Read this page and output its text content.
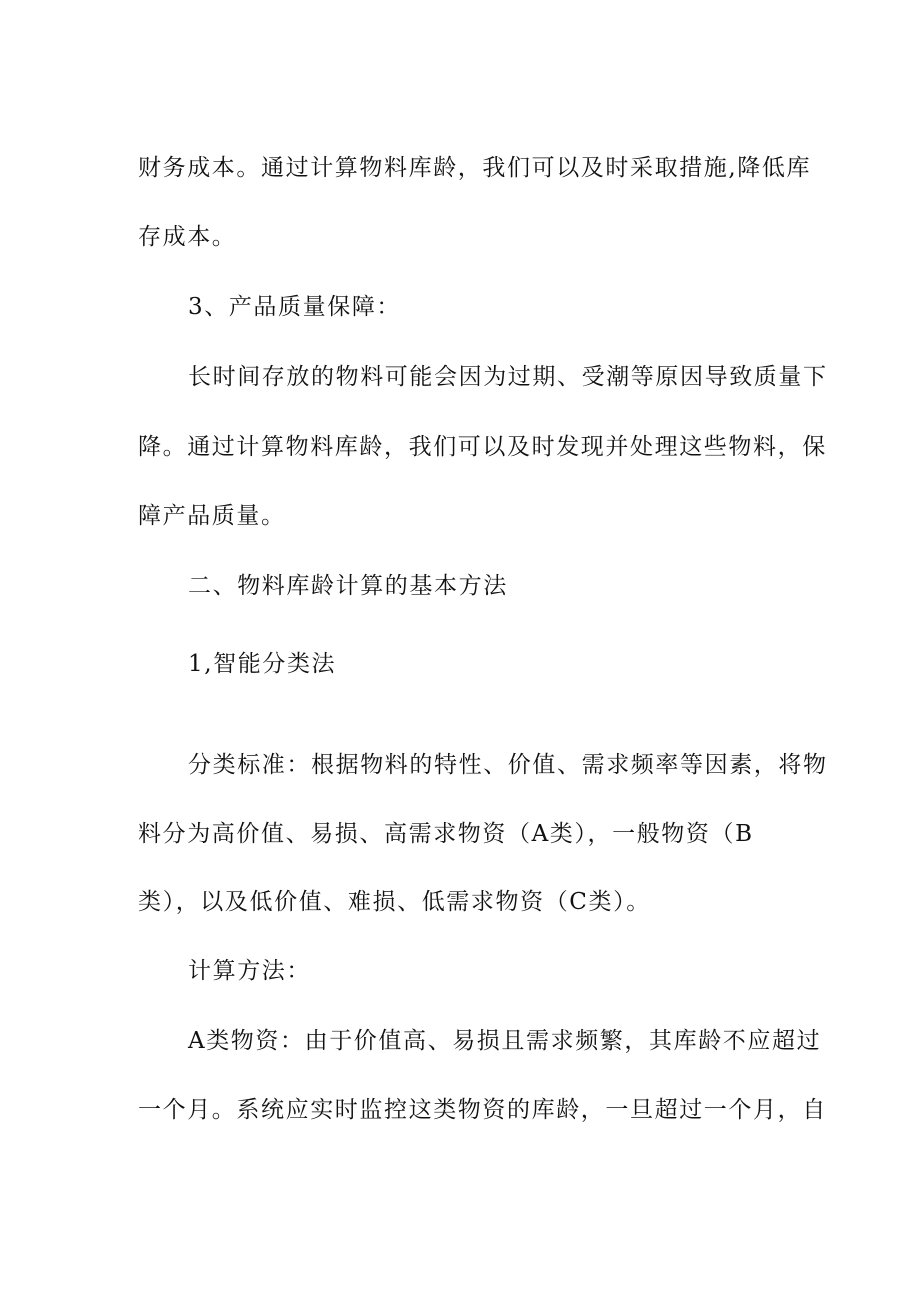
财务成本。通过计算物料库龄，我们可以及时采取措施,降低库
存成本。
3、产品质量保障：
长时间存放的物料可能会因为过期、受潮等原因导致质量下
降。通过计算物料库龄，我们可以及时发现并处理这些物料，保
障产品质量。
二、物料库龄计算的基本方法
1,智能分类法
分类标准：根据物料的特性、价值、需求频率等因素，将物
料分为高价值、易损、高需求物资（A类），一般物资（B
类），以及低价值、难损、低需求物资（C类）。
计算方法：
A类物资：由于价值高、易损且需求频繁，其库龄不应超过
一个月。系统应实时监控这类物资的库龄，一旦超过一个月，自
